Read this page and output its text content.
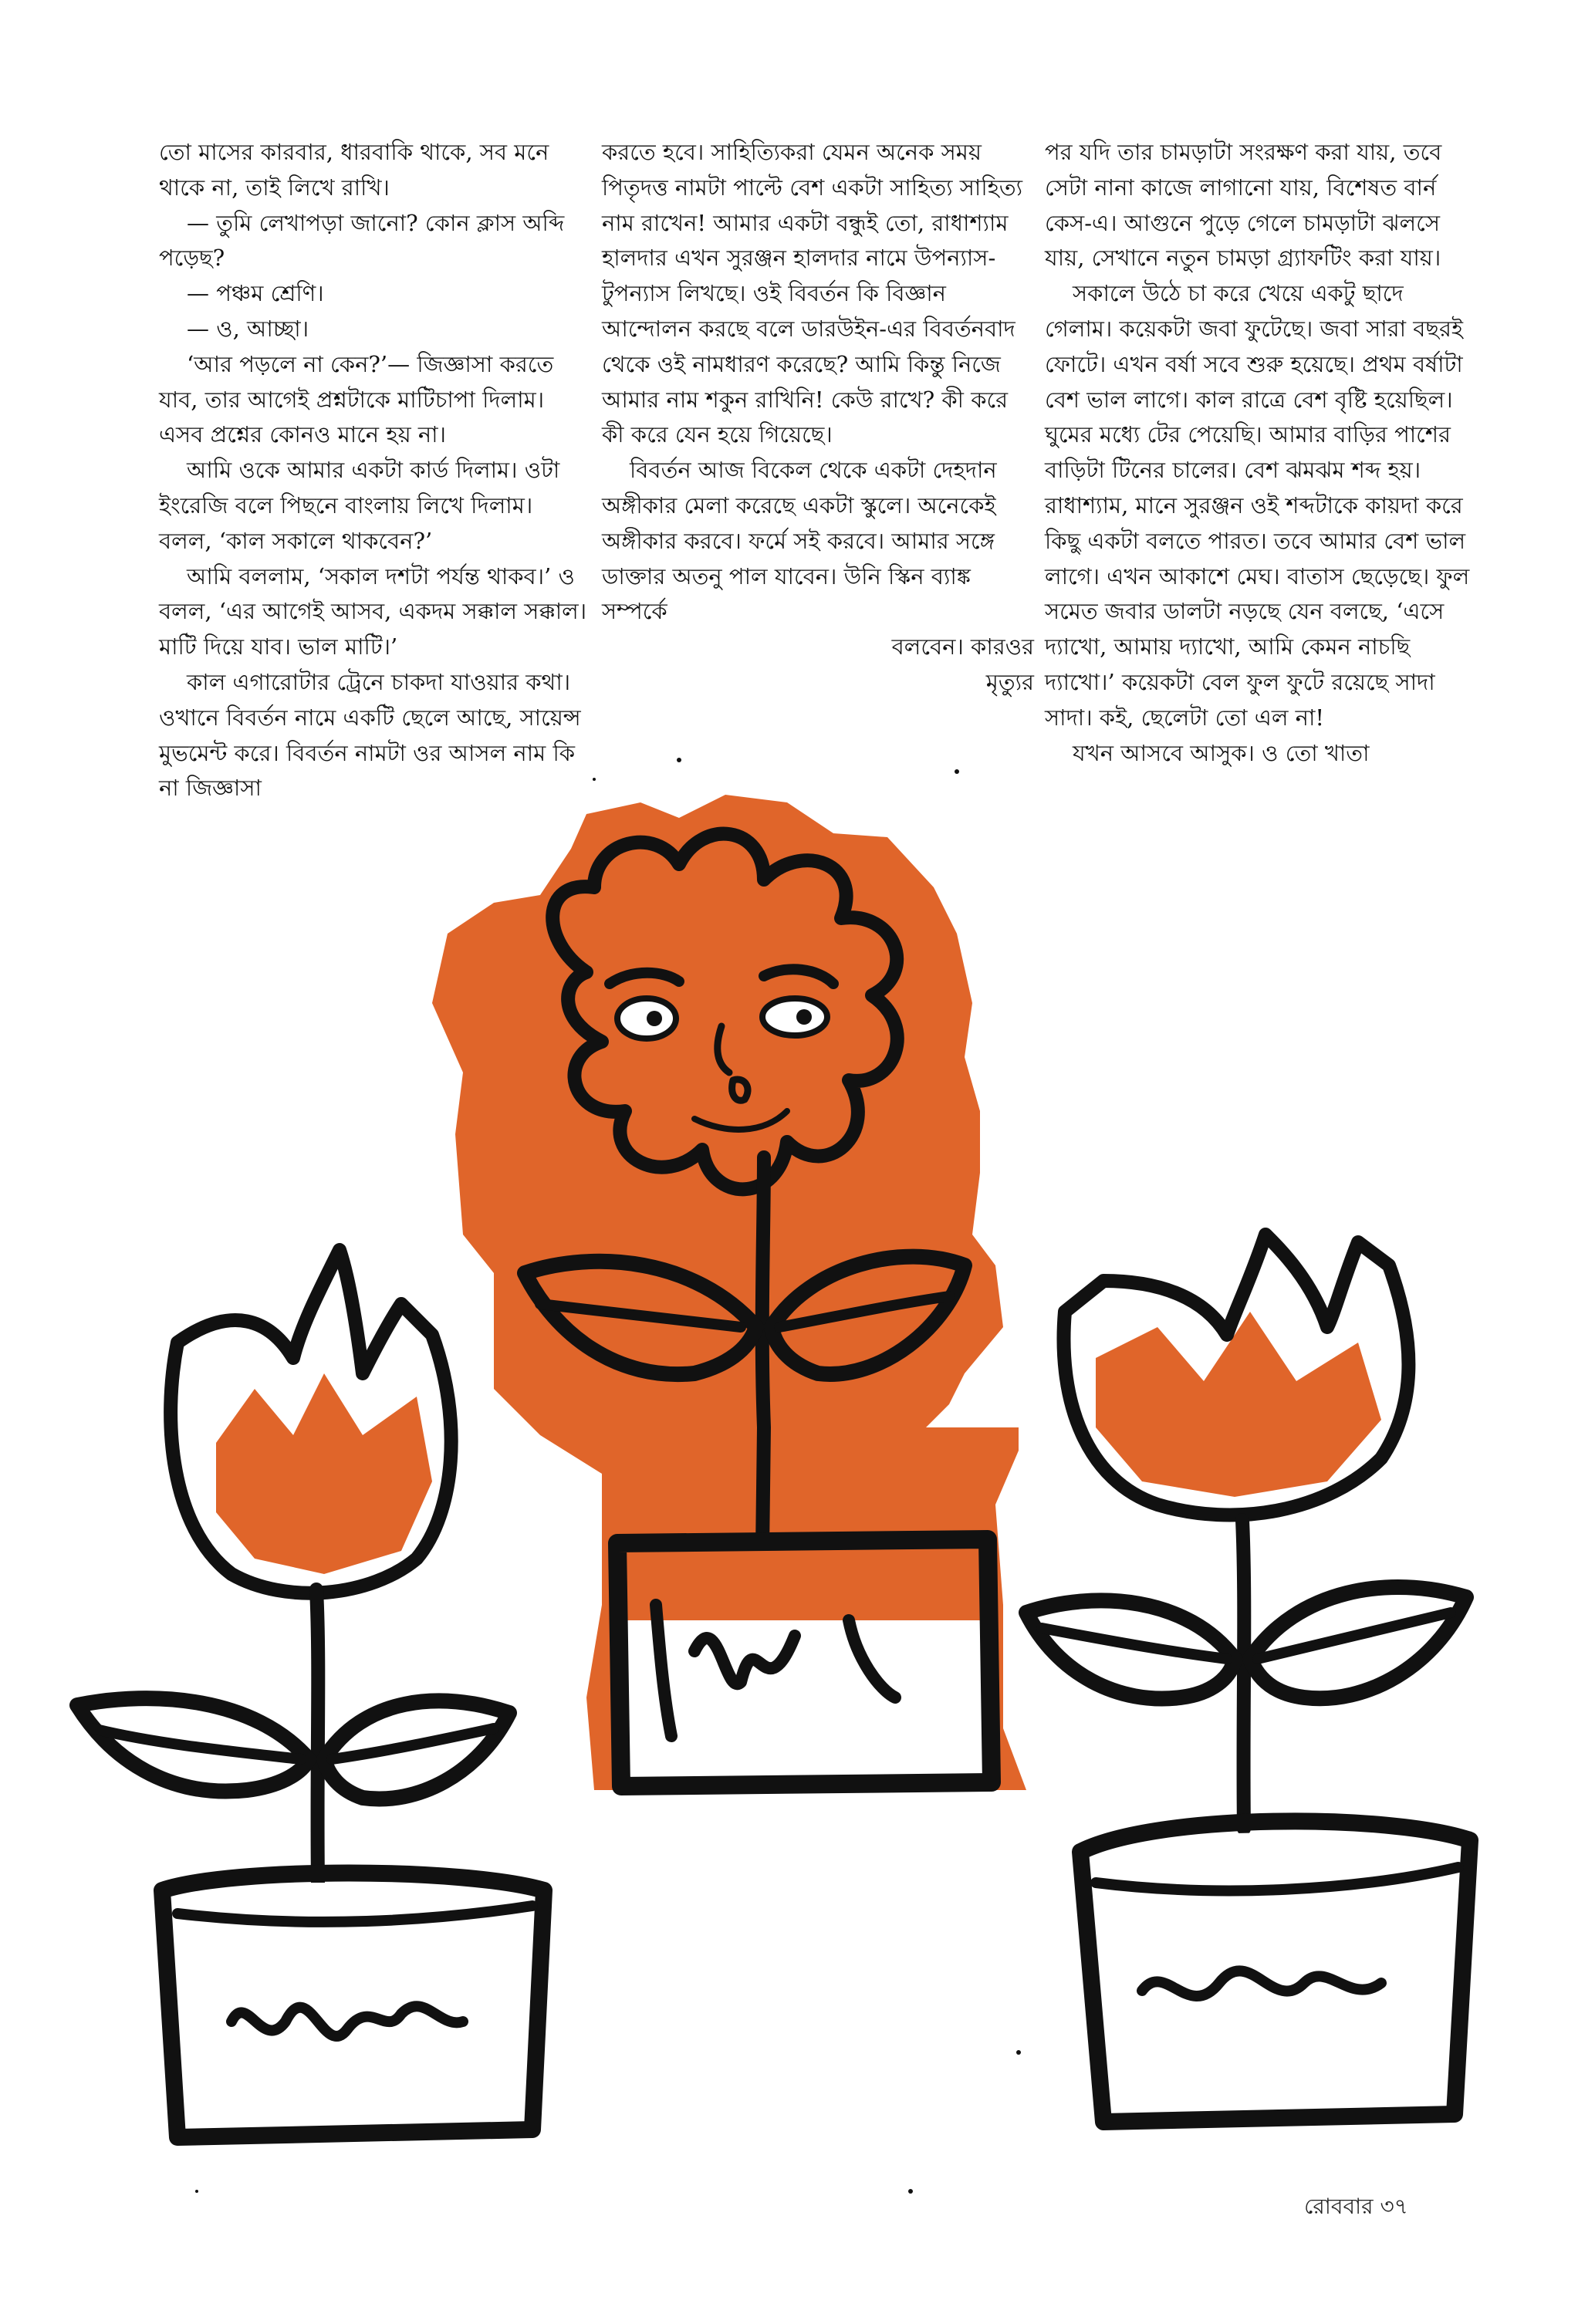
তো মাসের কারবার, ধারবাকি থাকে, সব মনে থাকে না, তাই লিখে রাখি।

— তুমি লেখাপড়া জানো? কোন ক্লাস অব্দি পড়েছ?

— পঞ্চম শ্রেণি।

— ও, আচ্ছা।

‘আর পড়লে না কেন?’— জিজ্ঞাসা করতে যাব, তার আগেই প্রশ্নটাকে মাটিচাপা দিলাম। এসব প্রশ্নের কোনও মানে হয় না।

আমি ওকে আমার একটা কার্ড দিলাম। ওটা ইংরেজি বলে পিছনে বাংলায় লিখে দিলাম। বলল, ‘কাল সকালে থাকবেন?’

আমি বললাম, ‘সকাল দশটা পর্যন্ত থাকব।’ ও বলল, ‘এর আগেই আসব, একদম সক্কাল সক্কাল। মাটি দিয়ে যাব। ভাল মাটি।’

কাল এগারোটার ট্রেনে চাকদা যাওয়ার কথা। ওখানে বিবর্তন নামে একটি ছেলে আছে, সায়েন্স মুভমেন্ট করে। বিবর্তন নামটা ওর আসল নাম কি না জিজ্ঞাসা

করতে হবে। সাহিত্যিকরা যেমন অনেক সময় পিতৃদত্ত নামটা পাল্টে বেশ একটা সাহিত্য সাহিত্য নাম রাখেন! আমার একটা বন্ধুই তো, রাধাশ্যাম হালদার এখন সুরঞ্জন হালদার নামে উপন্যাস-টুপন্যাস লিখছে। ওই বিবর্তন কি বিজ্ঞান আন্দোলন করছে বলে ডারউইন-এর বিবর্তনবাদ থেকে ওই নামধারণ করেছে? আমি কিন্তু নিজে আমার নাম শকুন রাখিনি! কেউ রাখে? কী করে কী করে যেন হয়ে গিয়েছে।

বিবর্তন আজ বিকেল থেকে একটা দেহদান অঙ্গীকার মেলা করেছে একটা স্কুলে। অনেকেই অঙ্গীকার করবে। ফর্মে সই করবে। আমার সঙ্গে ডাক্তার অতনু পাল যাবেন। উনি স্কিন ব্যাঙ্ক সম্পর্কে

বলবেন। কারওর

মৃত্যুর

পর যদি তার চামড়াটা সংরক্ষণ করা যায়, তবে সেটা নানা কাজে লাগানো যায়, বিশেষত বার্ন কেস-এ। আগুনে পুড়ে গেলে চামড়াটা ঝলসে যায়, সেখানে নতুন চামড়া গ্র্যাফটিং করা যায়।

সকালে উঠে চা করে খেয়ে একটু ছাদে গেলাম। কয়েকটা জবা ফুটেছে। জবা সারা বছরই ফোটে। এখন বর্ষা সবে শুরু হয়েছে। প্রথম বর্ষাটা বেশ ভাল লাগে। কাল রাত্রে বেশ বৃষ্টি হয়েছিল। ঘুমের মধ্যে টের পেয়েছি। আমার বাড়ির পাশের বাড়িটা টিনের চালের। বেশ ঝমঝম শব্দ হয়। রাধাশ্যাম, মানে সুরঞ্জন ওই শব্দটাকে কায়দা করে কিছু একটা বলতে পারত। তবে আমার বেশ ভাল লাগে। এখন আকাশে মেঘ। বাতাস ছেড়েছে। ফুল সমেত জবার ডালটা নড়ছে যেন বলছে, ‘এসে দ্যাখো, আমায় দ্যাখো, আমি কেমন নাচছি দ্যাখো।’ কয়েকটা বেল ফুল ফুটে রয়েছে সাদা সাদা। কই, ছেলেটা তো এল না!

যখন আসবে আসুক। ও তো খাতা

রোববার ৩৭
